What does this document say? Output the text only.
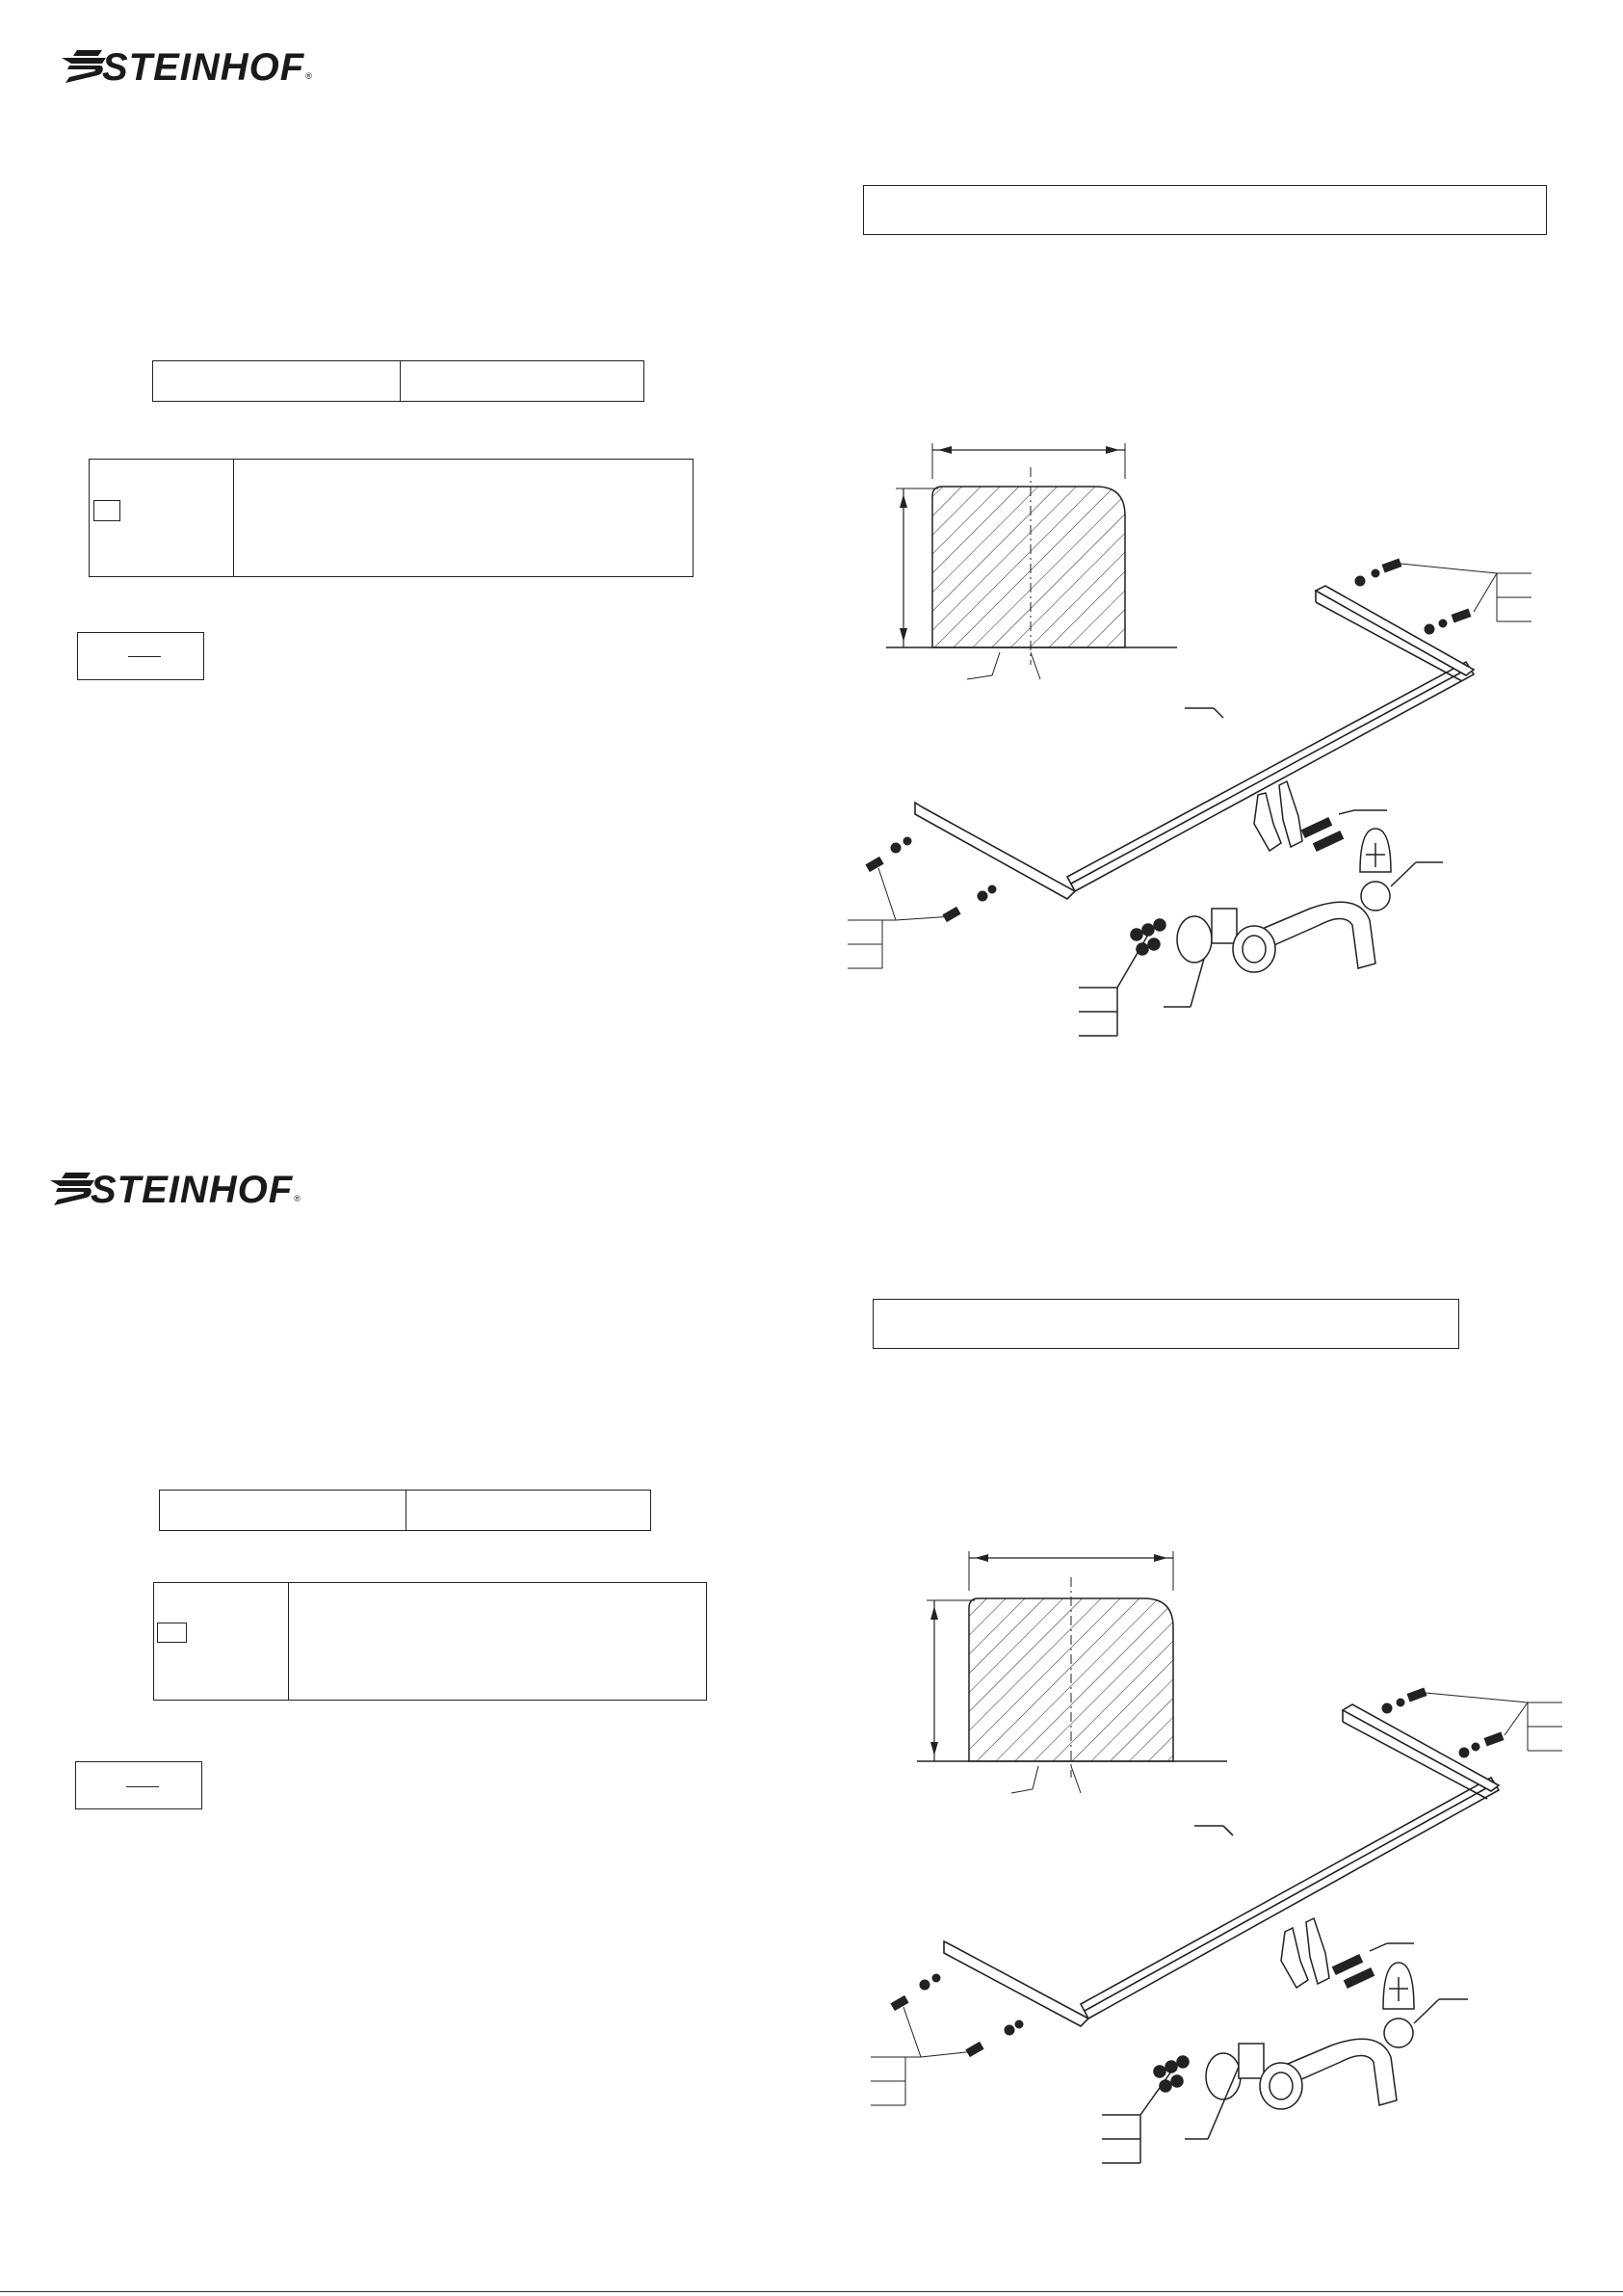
STEINHOF ®
STEINHOF ®
